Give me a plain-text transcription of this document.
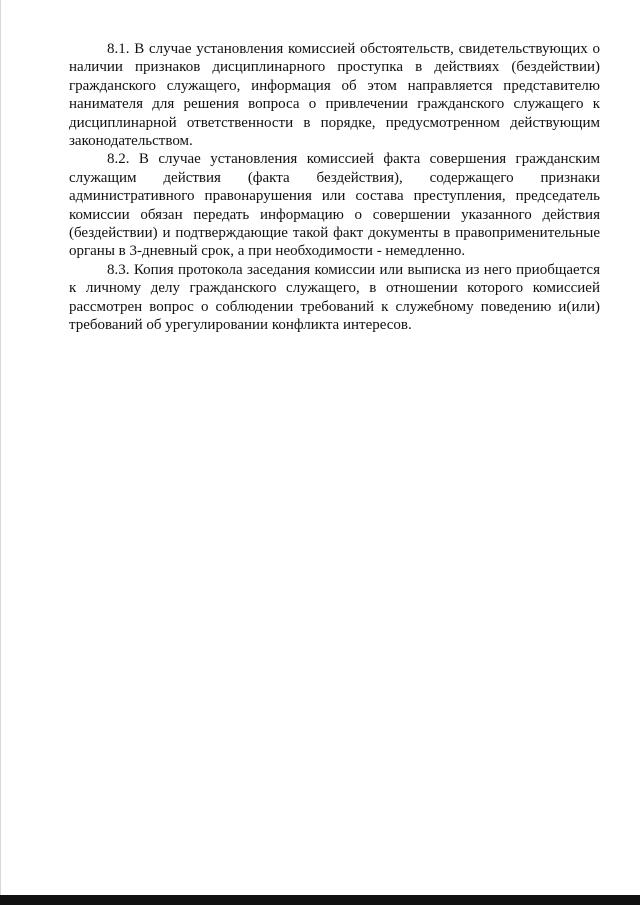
8.1. В случае установления комиссией обстоятельств, свидетельствующих о наличии признаков дисциплинарного проступка в действиях (бездействии) гражданского служащего, информация об этом направляется представителю нанимателя для решения вопроса о привлечении гражданского служащего к дисциплинарной ответственности в порядке, предусмотренном действующим законодательством.

8.2. В случае установления комиссией факта совершения гражданским служащим действия (факта бездействия), содержащего признаки административного правонарушения или состава преступления, председатель комиссии обязан передать информацию о совершении указанного действия (бездействии) и подтверждающие такой факт документы в правоприменительные органы в 3-дневный срок, а при необходимости - немедленно.

8.3. Копия протокола заседания комиссии или выписка из него приобщается к личному делу гражданского служащего, в отношении которого комиссией рассмотрен вопрос о соблюдении требований к служебному поведению и(или) требований об урегулировании конфликта интересов.
